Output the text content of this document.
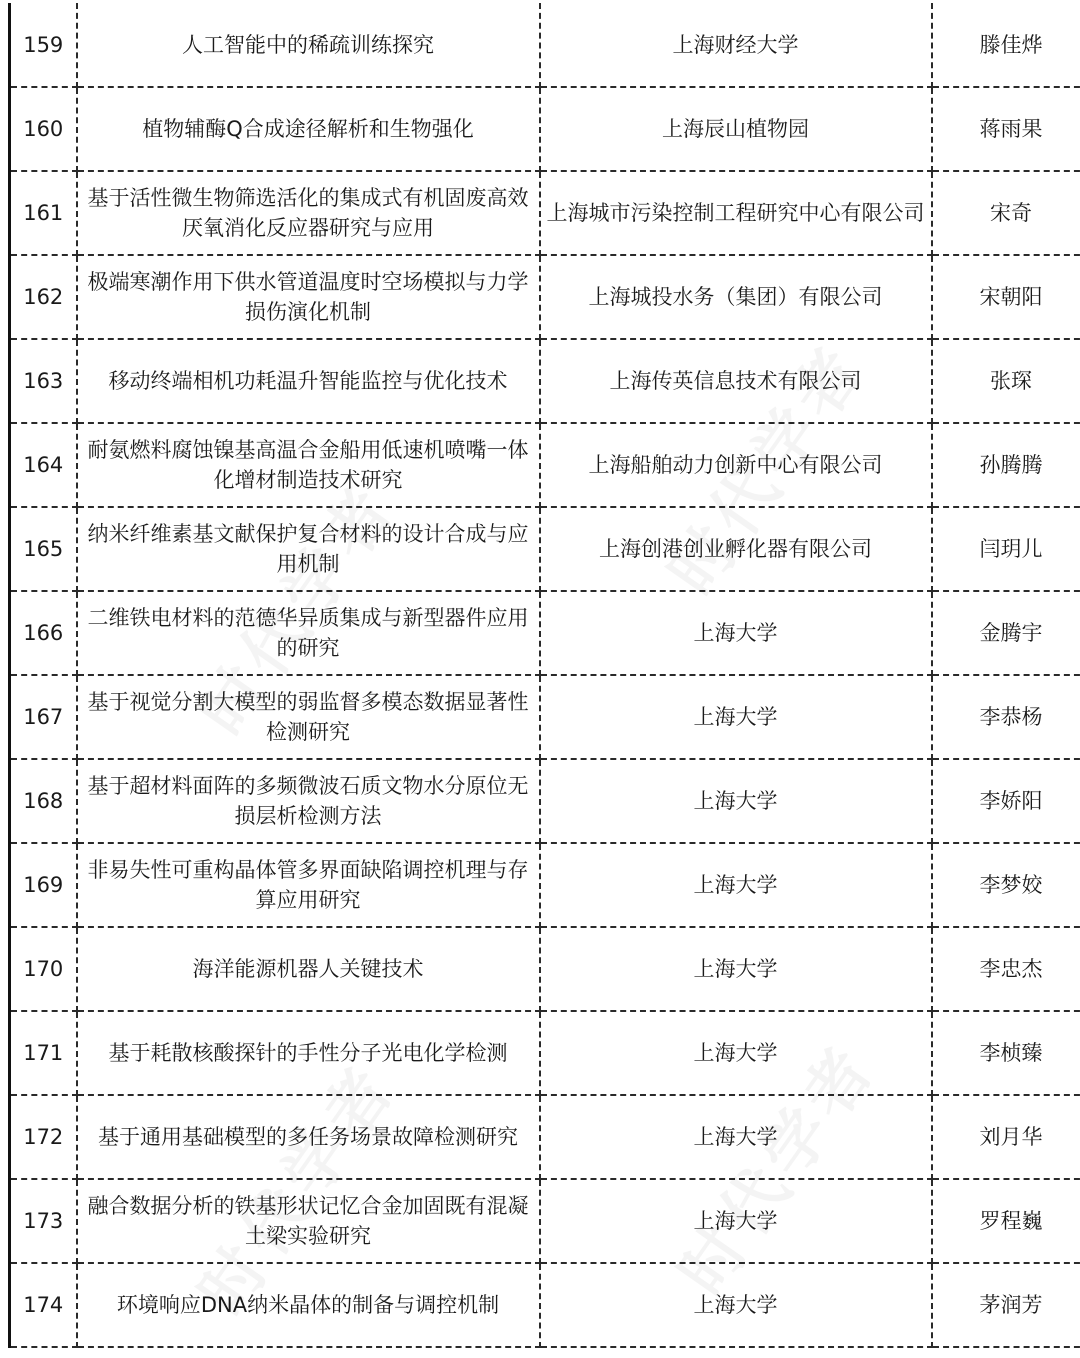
159	人工智能中的稀疏训练探究	上海财经大学	滕佳烨
160	植物辅酶Q合成途径解析和生物强化	上海辰山植物园	蒋雨果
161	基于活性微生物筛选活化的集成式有机固废高效厌氧消化反应器研究与应用	上海城市污染控制工程研究中心有限公司	宋奇
162	极端寒潮作用下供水管道温度时空场模拟与力学损伤演化机制	上海城投水务（集团）有限公司	宋朝阳
163	移动终端相机功耗温升智能监控与优化技术	上海传英信息技术有限公司	张琛
164	耐氨燃料腐蚀镍基高温合金船用低速机喷嘴一体化增材制造技术研究	上海船舶动力创新中心有限公司	孙腾腾
165	纳米纤维素基文献保护复合材料的设计合成与应用机制	上海创港创业孵化器有限公司	闫玥儿
166	二维铁电材料的范德华异质集成与新型器件应用的研究	上海大学	金腾宇
167	基于视觉分割大模型的弱监督多模态数据显著性检测研究	上海大学	李恭杨
168	基于超材料面阵的多频微波石质文物水分原位无损层析检测方法	上海大学	李娇阳
169	非易失性可重构晶体管多界面缺陷调控机理与存算应用研究	上海大学	李梦姣
170	海洋能源机器人关键技术	上海大学	李忠杰
171	基于耗散核酸探针的手性分子光电化学检测	上海大学	李桢臻
172	基于通用基础模型的多任务场景故障检测研究	上海大学	刘月华
173	融合数据分析的铁基形状记忆合金加固既有混凝土梁实验研究	上海大学	罗程巍
174	环境响应DNA纳米晶体的制备与调控机制	上海大学	茅润芳
